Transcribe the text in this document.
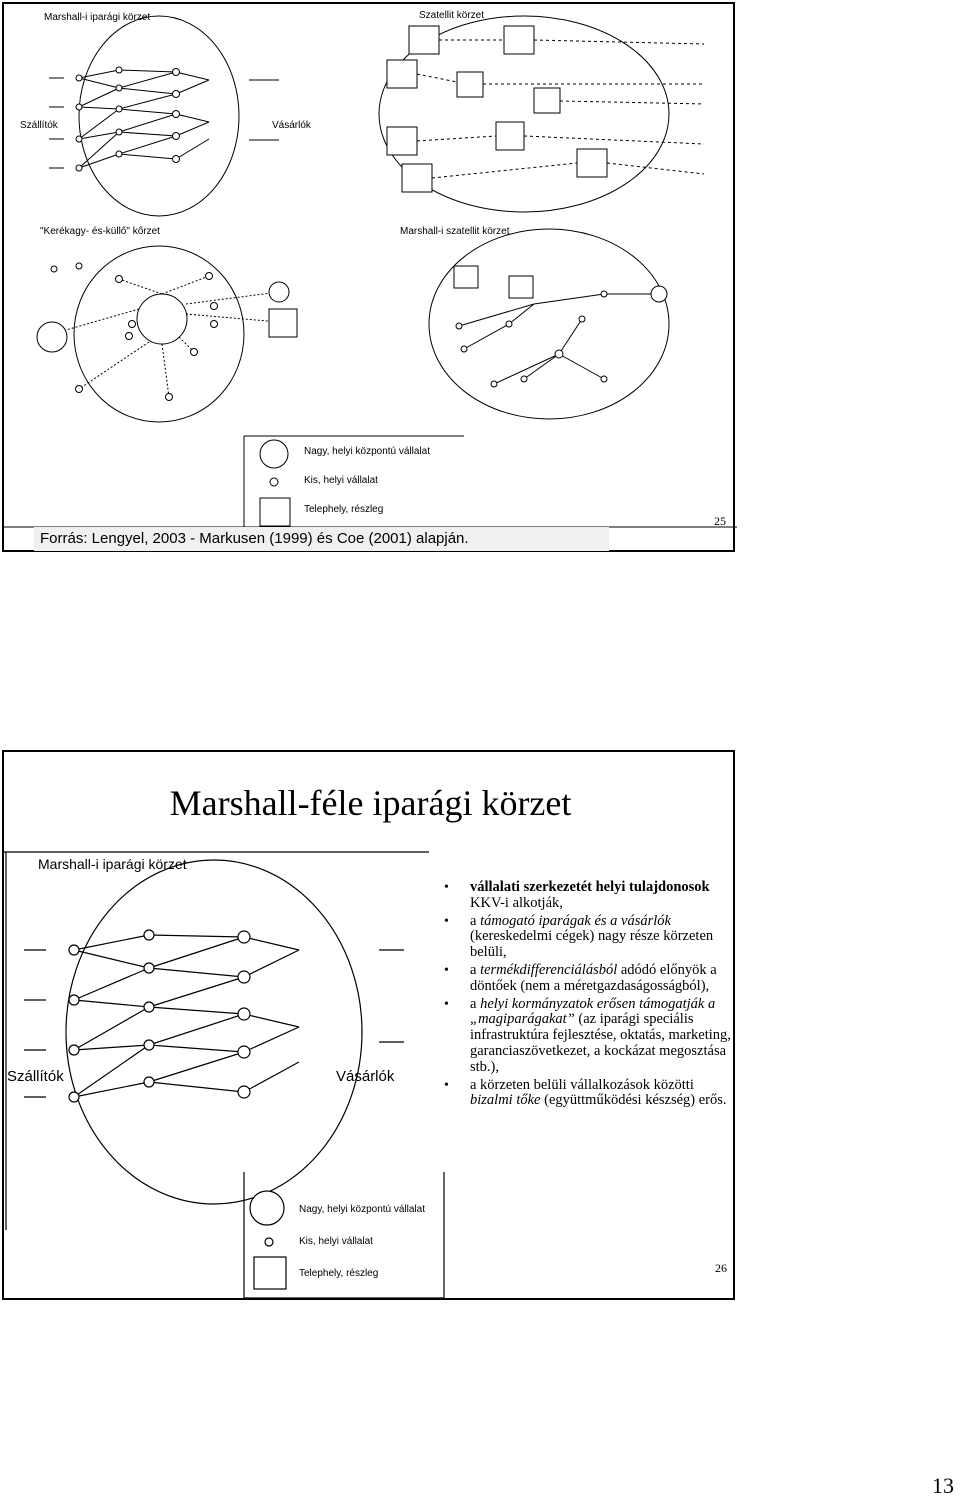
Marshall-i iparági körzet	Szatellit körzet
"Kerékagy- és-küllő" kőrzet	Marshall-i szatellit körzet
Szállítók	Vásárlók
Nagy, helyi központú vállalat
Kis, helyi vállalat
Telephely, részleg
Forrás: Lengyel, 2003 - Markusen (1999) és Coe (2001) alapján.
25
Marshall-féle iparági körzet
Marshall-i iparági körzet
Szállítók	Vásárlók
Nagy, helyi központú vállalat
Kis, helyi vállalat
Telephely, részleg
• vállalati szerkezetét helyi tulajdonosok KKV-i alkotják,
• a támogató iparágak és a vásárlók (kereskedelmi cégek) nagy része körzeten belüli,
• a termékdifferenciálásból adódó előnyök a döntőek (nem a méretgazdaságosságból),
• a helyi kormányzatok erősen támogatják a „magiparágakat” (az iparági speciális infrastruktúra fejlesztése, oktatás, marketing, garanciaszövetkezet, a kockázat megosztása stb.),
• a körzeten belüli vállalkozások közötti bizalmi tőke (együttműködési készség) erős.
26
13
